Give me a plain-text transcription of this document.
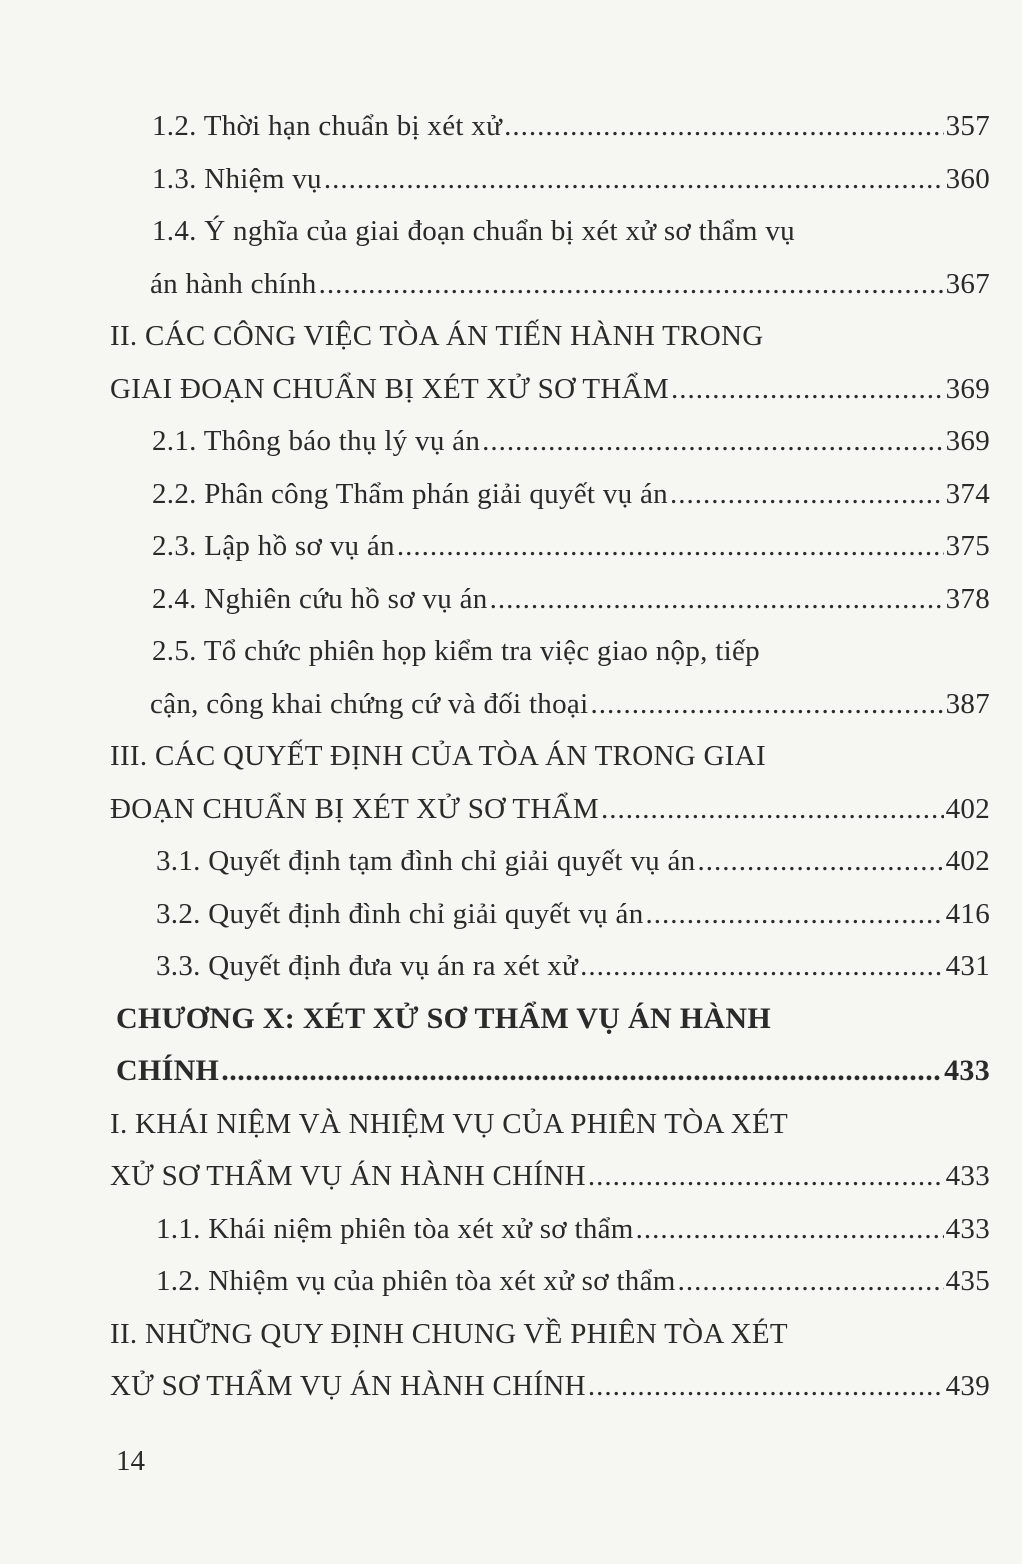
1.2. Thời hạn chuẩn bị xét xử .....	357
1.3. Nhiệm vụ .....	360
1.4. Ý nghĩa của giai đoạn chuẩn bị xét xử sơ thẩm vụ
án hành chính .....	367
II. CÁC CÔNG VIỆC TÒA ÁN TIẾN HÀNH TRONG
GIAI ĐOẠN CHUẨN BỊ XÉT XỬ SƠ THẨM .....	369
2.1. Thông báo thụ lý vụ án .....	369
2.2. Phân công Thẩm phán giải quyết vụ án .....	374
2.3. Lập hồ sơ vụ án .....	375
2.4. Nghiên cứu hồ sơ vụ án .....	378
2.5. Tổ chức phiên họp kiểm tra việc giao nộp, tiếp
cận, công khai chứng cứ và đối thoại .....	387
III. CÁC QUYẾT ĐỊNH CỦA TÒA ÁN TRONG GIAI
ĐOẠN CHUẨN BỊ XÉT XỬ SƠ THẨM .....	402
3.1. Quyết định tạm đình chỉ giải quyết vụ án .....	402
3.2. Quyết định đình chỉ giải quyết vụ án .....	416
3.3. Quyết định đưa vụ án ra xét xử .....	431
CHƯƠNG X: XÉT XỬ SƠ THẨM VỤ ÁN HÀNH
CHÍNH .....	433
I. KHÁI NIỆM VÀ NHIỆM VỤ CỦA PHIÊN TÒA XÉT
XỬ SƠ THẨM VỤ ÁN HÀNH CHÍNH .....	433
1.1. Khái niệm phiên tòa xét xử sơ thẩm .....	433
1.2. Nhiệm vụ của phiên tòa xét xử sơ thẩm .....	435
II. NHỮNG QUY ĐỊNH CHUNG VỀ PHIÊN TÒA XÉT
XỬ SƠ THẨM VỤ ÁN HÀNH CHÍNH .....	439
14
